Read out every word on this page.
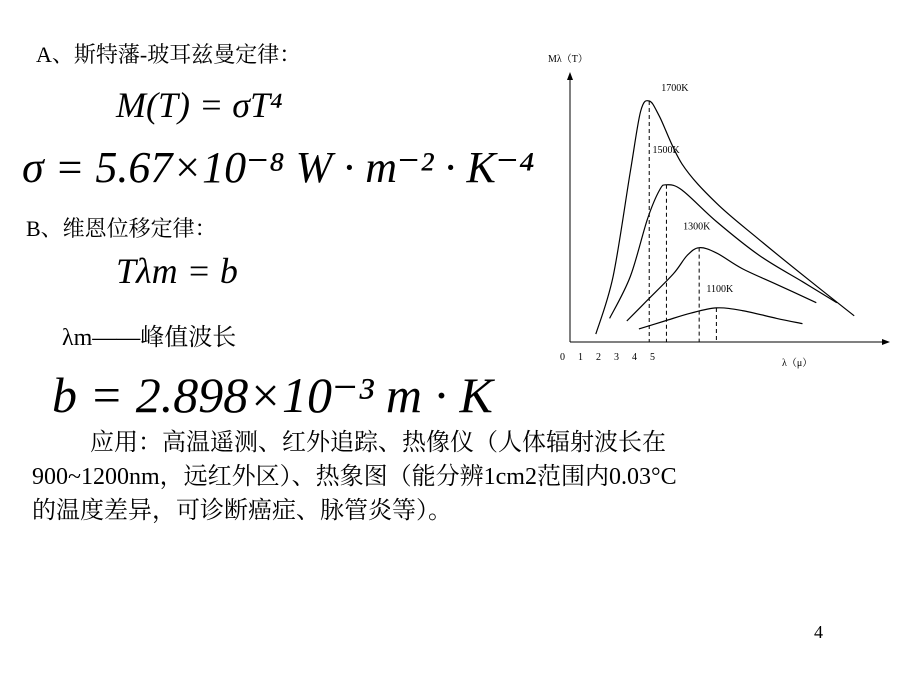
A、斯特藩-玻耳兹曼定律：
M(T) = σT⁴
σ = 5.67×10⁻⁸ W · m⁻² · K⁻⁴
B、维恩位移定律：
Tλm = b
λm——峰值波长
b = 2.898×10⁻³ m · K
应用：高温遥测、红外追踪、热像仪（人体辐射波长在
900~1200nm，远红外区）、热象图（能分辨1cm2范围内0.03°C
的温度差异，可诊断癌症、脉管炎等）。
4
Mλ（T）
λ（μ）
0 1 2 3 4 5
1700K
1500K
1300K
1100K
